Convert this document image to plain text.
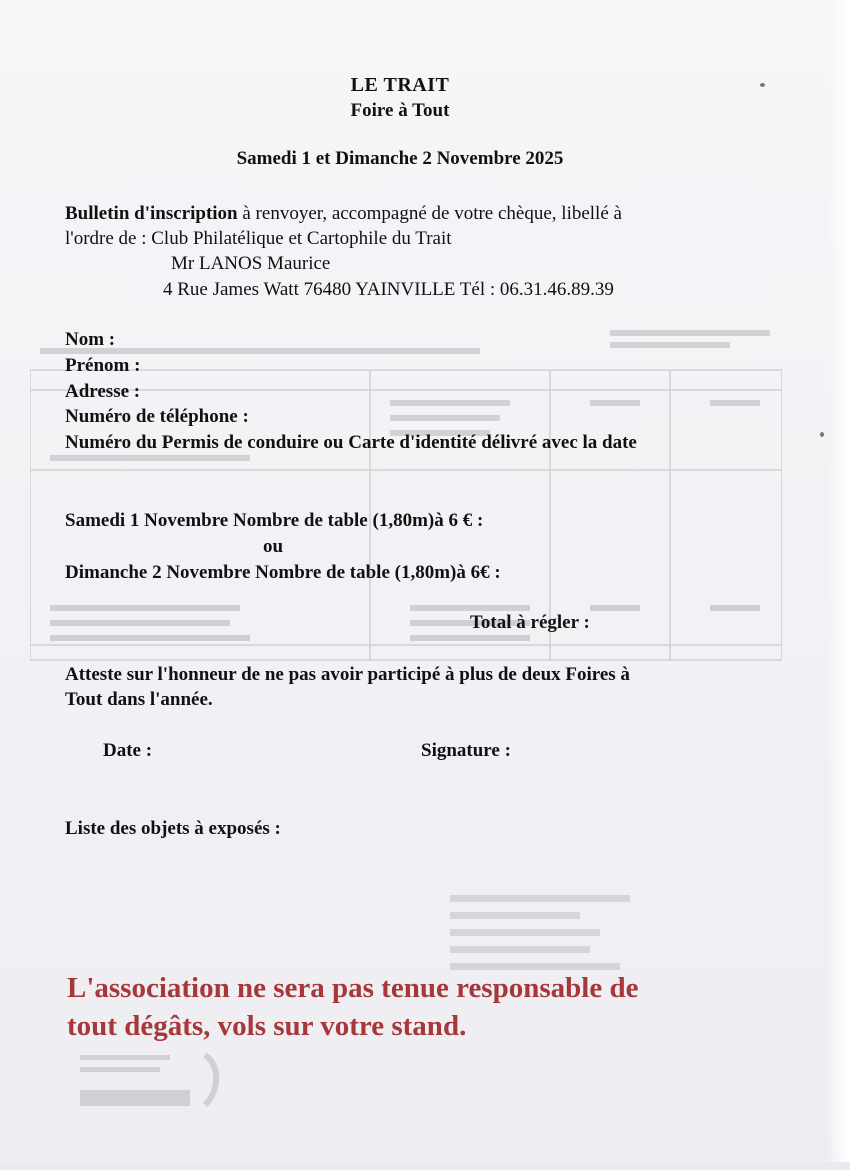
LE TRAIT
Foire à Tout
Samedi 1 et Dimanche 2 Novembre 2025
Bulletin d'inscription à renvoyer, accompagné de votre chèque, libellé à
l'ordre de : Club Philatélique et Cartophile du Trait
Mr LANOS Maurice
4 Rue James Watt 76480 YAINVILLE Tél : 06.31.46.89.39
Nom :
Prénom :
Adresse :
Numéro de téléphone :
Numéro du Permis de conduire ou Carte d'identité délivré avec la date
Samedi 1 Novembre Nombre de table (1,80m)à 6 € :
ou
Dimanche 2 Novembre Nombre de table (1,80m)à 6€ :
Total à régler :
Atteste sur l'honneur de ne pas avoir participé à plus de deux Foires à
Tout dans l'année.
Date :	Signature :
Liste des objets à exposés :
L'association ne sera pas tenue responsable de
tout dégâts, vols sur votre stand.
